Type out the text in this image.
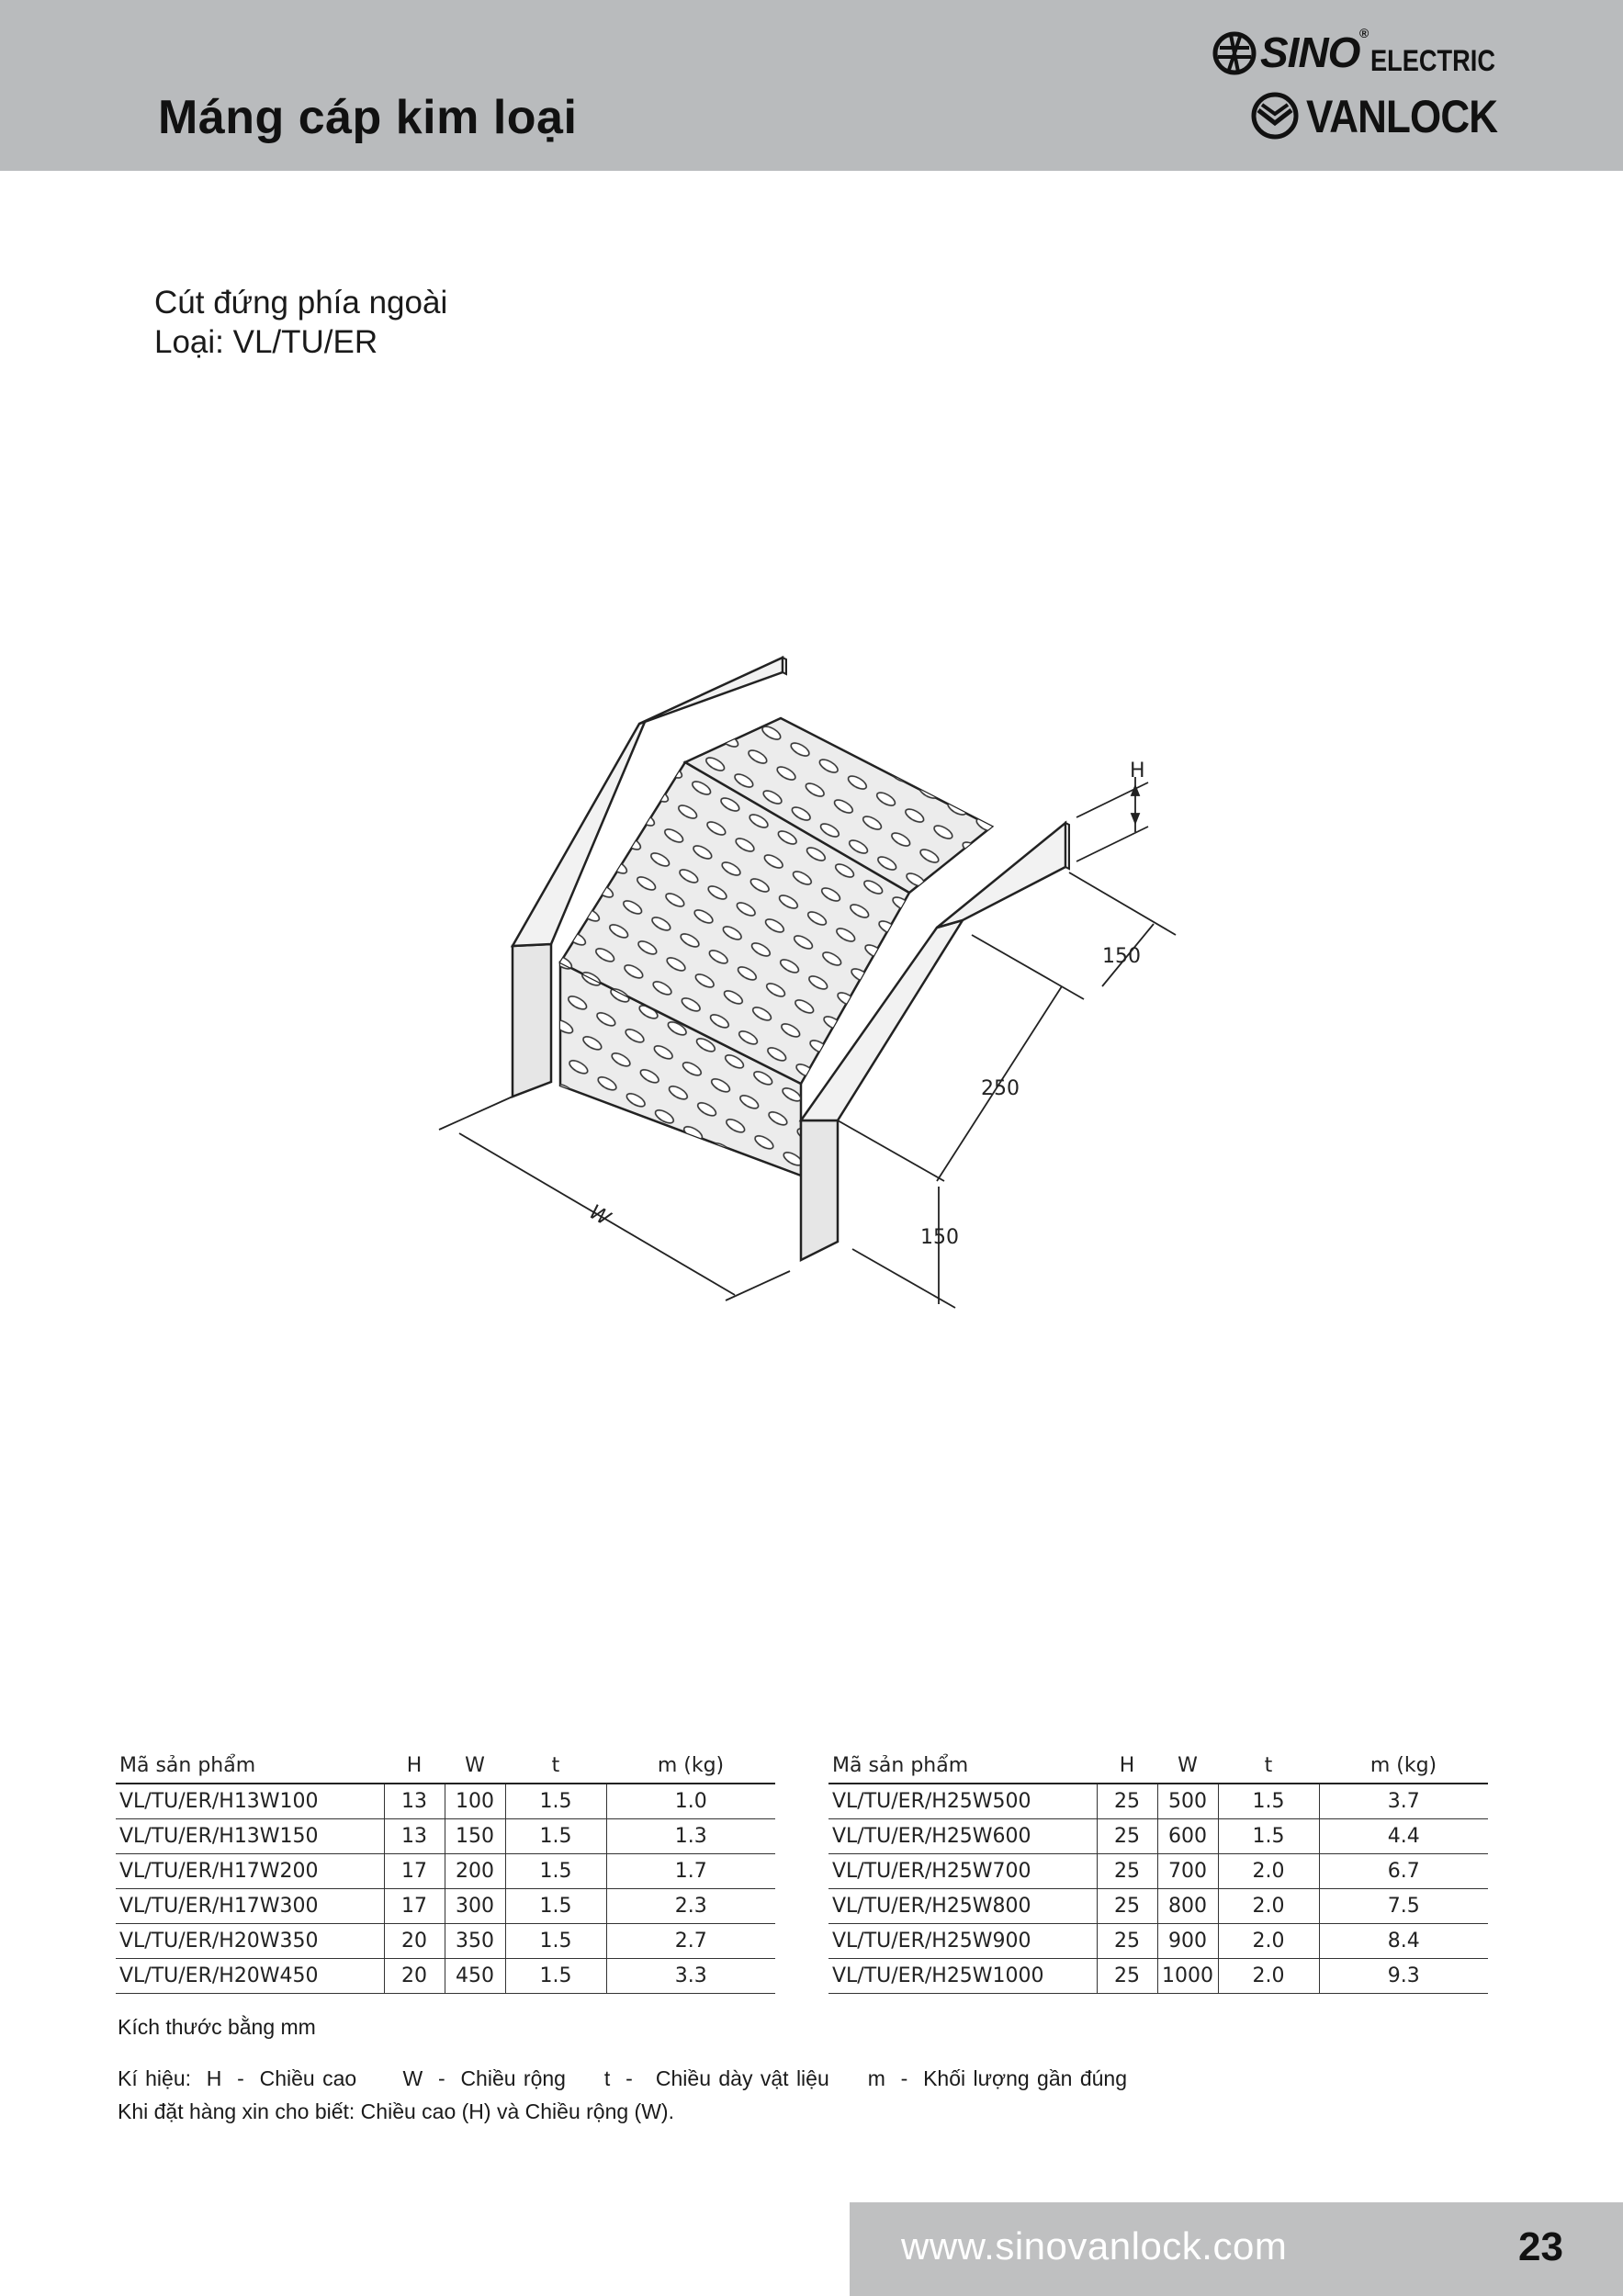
Máng cáp kim loại
SINO ®
ELECTRIC
VANLOCK
Cút đứng phía ngoài
Loại: VL/TU/ER
H
150
250
150
W
Mã sản phẩm	H	W	t	m (kg)
VL/TU/ER/H13W100	13	100	1.5	1.0
VL/TU/ER/H13W150	13	150	1.5	1.3
VL/TU/ER/H17W200	17	200	1.5	1.7
VL/TU/ER/H17W300	17	300	1.5	2.3
VL/TU/ER/H20W350	20	350	1.5	2.7
VL/TU/ER/H20W450	20	450	1.5	3.3
Mã sản phẩm	H	W	t	m (kg)
VL/TU/ER/H25W500	25	500	1.5	3.7
VL/TU/ER/H25W600	25	600	1.5	4.4
VL/TU/ER/H25W700	25	700	2.0	6.7
VL/TU/ER/H25W800	25	800	2.0	7.5
VL/TU/ER/H25W900	25	900	2.0	8.4
VL/TU/ER/H25W1000	25	1000	2.0	9.3
Kích thước bằng mm
Kí hiệu:  H  -  Chiều cao      W  -  Chiều rộng     t  -   Chiều dày vật liệu     m  -  Khối lượng gần đúng
Khi đặt hàng xin cho biết: Chiều cao (H) và Chiều rộng (W).
www.sinovanlock.com	23
